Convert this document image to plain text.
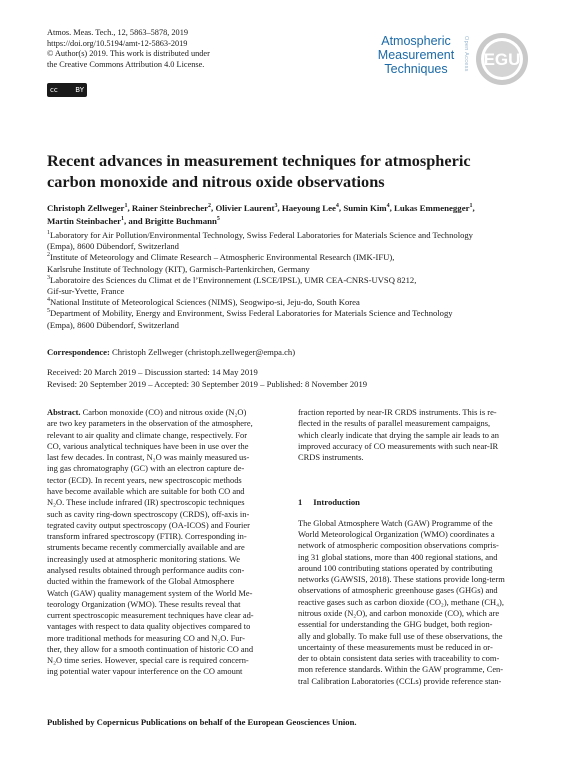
Atmos. Meas. Tech., 12, 5863–5878, 2019
https://doi.org/10.5194/amt-12-5863-2019
© Author(s) 2019. This work is distributed under
the Creative Commons Attribution 4.0 License.
cc	BY
Atmospheric
Measurement
Techniques	Open Access EGU
Recent advances in measurement techniques for atmospheric
carbon monoxide and nitrous oxide observations
Christoph Zellweger$^1$, Rainer Steinbrecher$^2$, Olivier Laurent$^3$, Haeyoung Lee$^4$, Sumin Kim$^4$, Lukas Emmenegger$^1$,
Martin Steinbacher$^1$, and Brigitte Buchmann$^5$

$^1$Laboratory for Air Pollution/Environmental Technology, Swiss Federal Laboratories for Materials Science and Technology
(Empa), 8600 Dübendorf, Switzerland

$^2$Institute of Meteorology and Climate Research – Atmospheric Environmental Research (IMK-IFU),
Karlsruhe Institute of Technology (KIT), Garmisch-Partenkirchen, Germany

$^3$Laboratoire des Sciences du Climat et de l’Environnement (LSCE/IPSL), UMR CEA-CNRS-UVSQ 8212,
Gif-sur-Yvette, France

$^4$National Institute of Meteorological Sciences (NIMS), Seogwipo-si, Jeju-do, South Korea

$^5$Department of Mobility, Energy and Environment, Swiss Federal Laboratories for Materials Science and Technology
(Empa), 8600 Dübendorf, Switzerland

Correspondence: Christoph Zellweger (christoph.zellweger@empa.ch)
Received: 20 March 2019 – Discussion started: 14 May 2019
Revised: 20 September 2019 – Accepted: 30 September 2019 – Published: 8 November 2019
Abstract. Carbon monoxide (CO) and nitrous oxide (N₂O)
are two key parameters in the observation of the atmosphere,
relevant to air quality and climate change, respectively. For
CO, various analytical techniques have been in use over the
last few decades. In contrast, N₂O was mainly measured us-
ing gas chromatography (GC) with an electron capture de-
tector (ECD). In recent years, new spectroscopic methods
have become available which are suitable for both CO and
N₂O. These include infrared (IR) spectroscopic techniques
such as cavity ring-down spectroscopy (CRDS), off-axis in-
tegrated cavity output spectroscopy (OA-ICOS) and Fourier
transform infrared spectroscopy (FTIR). Corresponding in-
struments became recently commercially available and are
increasingly used at atmospheric monitoring stations. We
analysed results obtained through performance audits con-
ducted within the framework of the Global Atmosphere
Watch (GAW) quality management system of the World Me-
teorology Organization (WMO). These results reveal that
current spectroscopic measurement techniques have clear ad-
vantages with respect to data quality objectives compared to
more traditional methods for measuring CO and N₂O. Fur-
ther, they allow for a smooth continuation of historic CO and
N₂O time series. However, special care is required concern-
ing potential water vapour interference on the CO amount
fraction reported by near-IR CRDS instruments. This is re-
flected in the results of parallel measurement campaigns,
which clearly indicate that drying the sample air leads to an
improved accuracy of CO measurements with such near-IR
CRDS instruments.
1 Introduction
The Global Atmosphere Watch (GAW) Programme of the
World Meteorological Organization (WMO) coordinates a
network of atmospheric composition observations compris-
ing 31 global stations, more than 400 regional stations, and
around 100 contributing stations operated by contributing
networks (GAWSIS, 2018). These stations provide long-term
observations of atmospheric greenhouse gases (GHGs) and
reactive gases such as carbon dioxide (CO₂), methane (CH₄),
nitrous oxide (N₂O), and carbon monoxide (CO), which are
essential for understanding the GHG budget, both region-
ally and globally. To make full use of these observations, the
uncertainty of these measurements must be reduced in or-
der to obtain consistent data series with traceability to com-
mon reference standards. Within the GAW programme, Cen-
tral Calibration Laboratories (CCLs) provide reference stan-
Published by Copernicus Publications on behalf of the European Geosciences Union.
